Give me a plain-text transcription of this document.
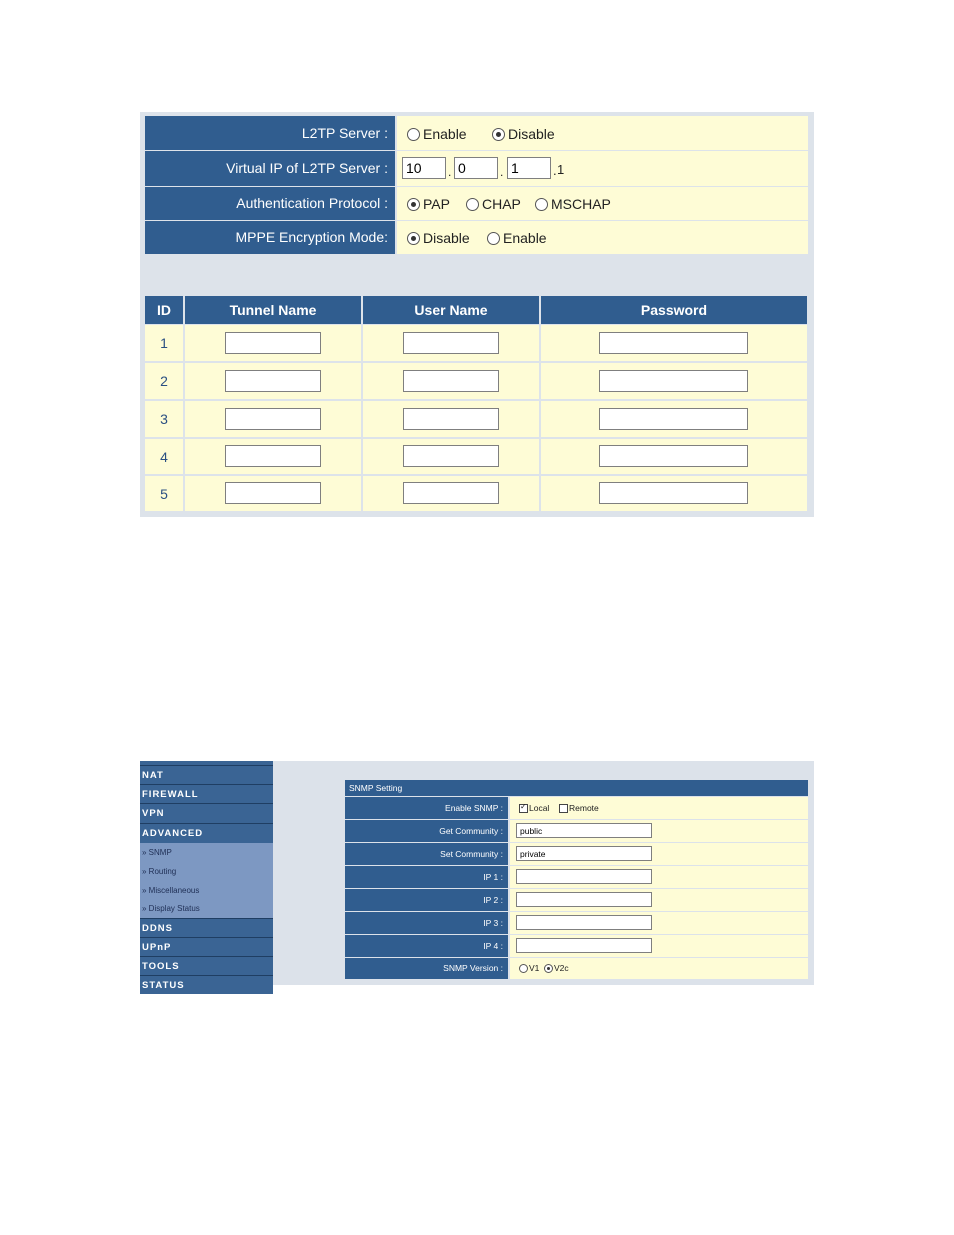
L2TP Server :	Enable	Disable
Virtual IP of L2TP Server :
10	.
0	.
1	. 1
Authentication Protocol :	PAP CHAP MSCHAP
MPPE Encryption Mode:	Disable Enable
ID	Tunnel Name	User Name	Password
1
2
3
4
5
NAT
FIREWALL
VPN
ADVANCED
» SNMP
» Routing
» Miscellaneous
» Display Status
DDNS
UPnP
TOOLS
STATUS
SNMP Setting
Enable SNMP :
✓	Local Remote
Get Community :
public
Set Community :
private
IP 1 :
IP 2 :
IP 3 :
IP 4 :
SNMP Version :	V1 V2c
